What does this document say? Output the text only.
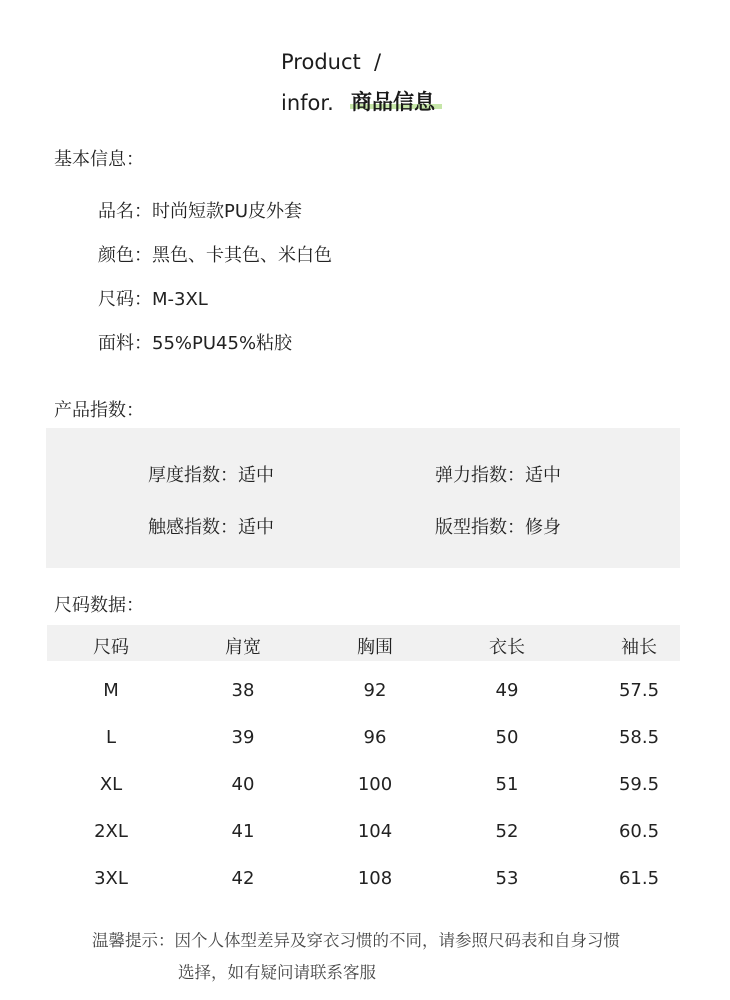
Product /
infor. 商品信息
基本信息：
品名：时尚短款PU皮外套
颜色：黑色、卡其色、米白色
尺码：M-3XL
面料：55%PU45%粘胶
产品指数：
厚度指数：适中	弹力指数：适中
触感指数：适中	版型指数：修身
尺码数据：
尺码	肩宽	胸围	衣长	袖长
M	38	92	49	57.5
L	39	96	50	58.5
XL	40	100	51	59.5
2XL	41	104	52	60.5
3XL	42	108	53	61.5
温馨提示：因个人体型差异及穿衣习惯的不同，请参照尺码表和自身习惯
选择，如有疑问请联系客服
